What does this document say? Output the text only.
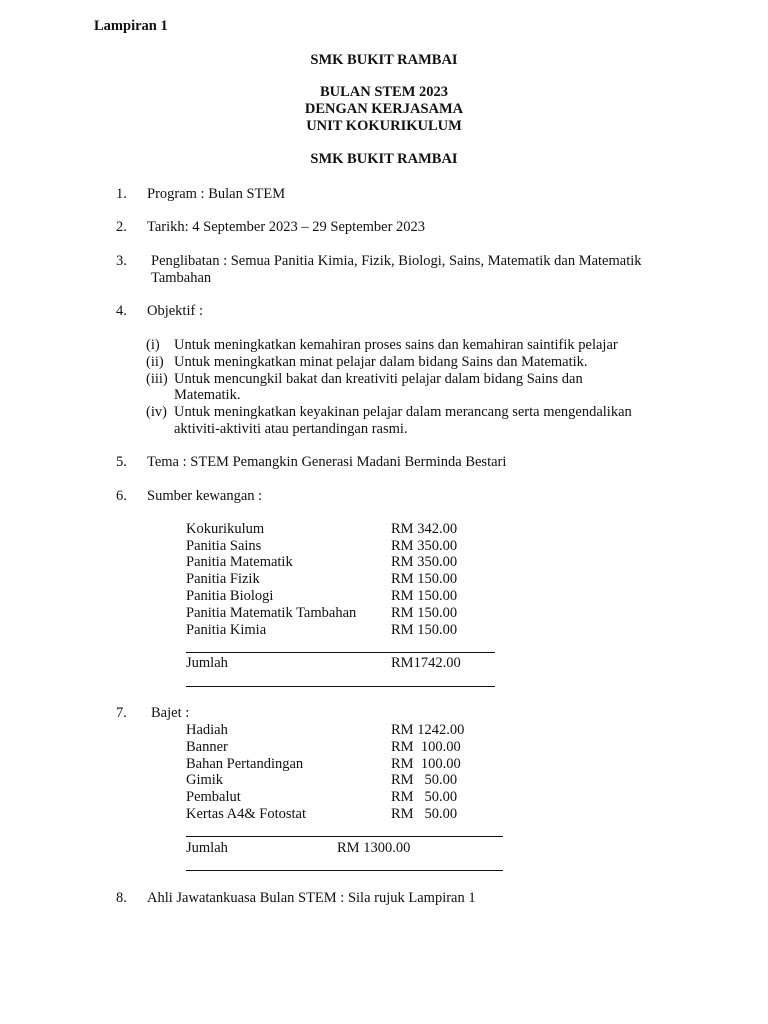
Lampiran 1
SMK BUKIT RAMBAI
BULAN STEM 2023
DENGAN KERJASAMA
UNIT KOKURIKULUM
SMK BUKIT RAMBAI
1. Program : Bulan STEM
2. Tarikh: 4 September 2023 – 29 September 2023
3. Penglibatan : Semua Panitia Kimia, Fizik, Biologi, Sains, Matematik dan Matematik
Tambahan
4. Objektif :
(i) Untuk meningkatkan kemahiran proses sains dan kemahiran saintifik pelajar
(ii) Untuk meningkatkan minat pelajar dalam bidang Sains dan Matematik.
(iii) Untuk mencungkil bakat dan kreativiti pelajar dalam bidang Sains dan
Matematik.
(iv) Untuk meningkatkan keyakinan pelajar dalam merancang serta mengendalikan
aktiviti-aktiviti atau pertandingan rasmi.
5. Tema : STEM Pemangkin Generasi Madani Berminda Bestari
6. Sumber kewangan :
Kokurikulum	RM 342.00
Panitia Sains	RM 350.00
Panitia Matematik	RM 350.00
Panitia Fizik	RM 150.00
Panitia Biologi	RM 150.00
Panitia Matematik Tambahan RM 150.00
Panitia Kimia	RM 150.00
Jumlah	RM1742.00
7. Bajet :
Hadiah	RM 1242.00
Banner	RM  100.00
Bahan Pertandingan	RM  100.00
Gimik	RM   50.00
Pembalut	RM   50.00
Kertas A4& Fotostat	RM   50.00
Jumlah	RM 1300.00
8. Ahli Jawatankuasa Bulan STEM : Sila rujuk Lampiran 1
